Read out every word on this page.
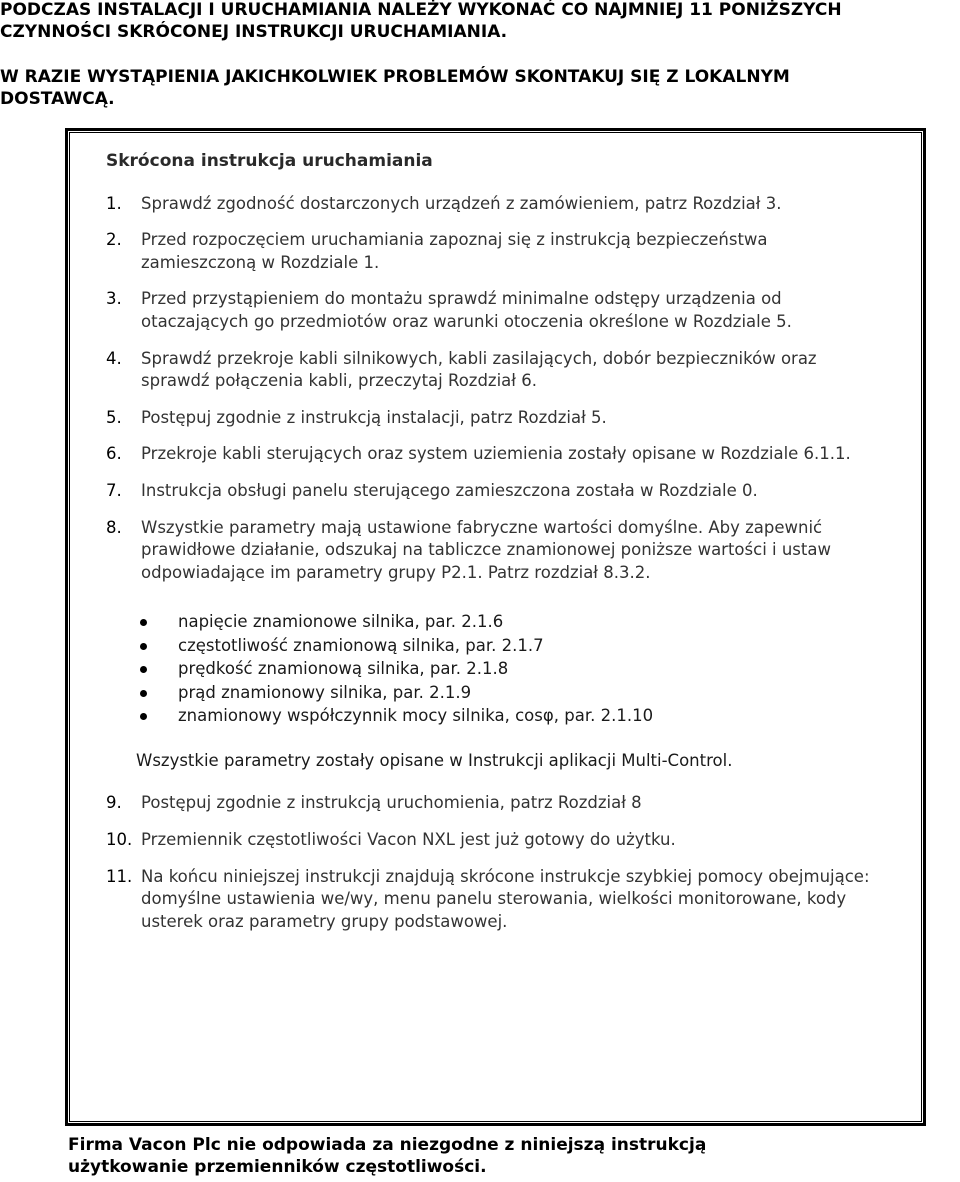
PODCZAS INSTALACJI I URUCHAMIANIA NALEŻY WYKONAĆ CO NAJMNIEJ 11 PONIŻSZYCH
CZYNNOŚCI SKRÓCONEJ INSTRUKCJI URUCHAMIANIA.
W RAZIE WYSTĄPIENIA JAKICHKOLWIEK PROBLEMÓW SKONTAKUJ SIĘ Z LOKALNYM
DOSTAWCĄ.
Skrócona instrukcja uruchamiania
1. Sprawdź zgodność dostarczonych urządzeń z zamówieniem, patrz Rozdział 3.
2. Przed rozpoczęciem uruchamiania zapoznaj się z instrukcją bezpieczeństwa zamieszczoną w Rozdziale 1.
3. Przed przystąpieniem do montażu sprawdź minimalne odstępy urządzenia od otaczających go przedmiotów oraz warunki otoczenia określone w Rozdziale 5.
4. Sprawdź przekroje kabli silnikowych, kabli zasilających, dobór bezpieczników oraz sprawdź połączenia kabli, przeczytaj Rozdział 6.
5. Postępuj zgodnie z instrukcją instalacji, patrz Rozdział 5.
6. Przekroje kabli sterujących oraz system uziemienia zostały opisane w Rozdziale 6.1.1.
7. Instrukcja obsługi panelu sterującego zamieszczona została w Rozdziale 0.
8. Wszystkie parametry mają ustawione fabryczne wartości domyślne. Aby zapewnić prawidłowe działanie, odszukaj na tabliczce znamionowej poniższe wartości i ustaw odpowiadające im parametry grupy P2.1. Patrz rozdział 8.3.2.
napięcie znamionowe silnika, par. 2.1.6
częstotliwość znamionową silnika, par. 2.1.7
prędkość znamionową silnika, par. 2.1.8
prąd znamionowy silnika, par. 2.1.9
znamionowy współczynnik mocy silnika, cosφ, par. 2.1.10
Wszystkie parametry zostały opisane w Instrukcji aplikacji Multi-Control.
9. Postępuj zgodnie z instrukcją uruchomienia, patrz Rozdział 8
10. Przemiennik częstotliwości Vacon NXL jest już gotowy do użytku.
11. Na końcu niniejszej instrukcji znajdują skrócone instrukcje szybkiej pomocy obejmujące: domyślne ustawienia we/wy, menu panelu sterowania, wielkości monitorowane, kody usterek oraz parametry grupy podstawowej.
Firma Vacon Plc nie odpowiada za niezgodne z niniejszą instrukcją
użytkowanie przemienników częstotliwości.
